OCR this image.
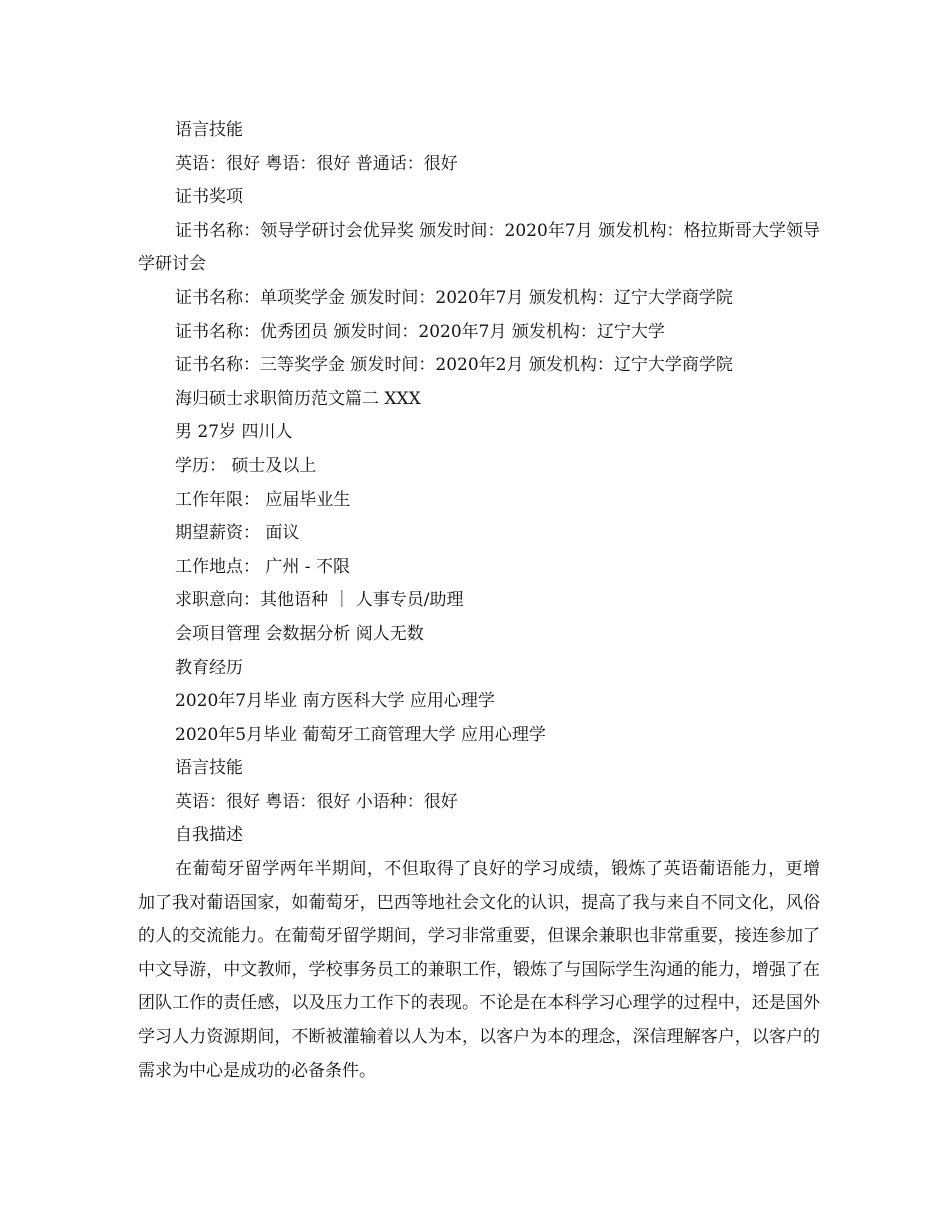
语言技能

英语：很好 粤语：很好 普通话：很好

证书奖项

证书名称：领导学研讨会优异奖 颁发时间：2020年7月 颁发机构：格拉斯哥大学领导学研讨会

证书名称：单项奖学金 颁发时间：2020年7月 颁发机构：辽宁大学商学院

证书名称：优秀团员 颁发时间：2020年7月 颁发机构：辽宁大学

证书名称：三等奖学金 颁发时间：2020年2月 颁发机构：辽宁大学商学院

海归硕士求职简历范文篇二 XXX

男 27岁 四川人

学历： 硕士及以上

工作年限： 应届毕业生

期望薪资： 面议

工作地点： 广州 - 不限

求职意向：其他语种 ｜ 人事专员/助理

会项目管理 会数据分析 阅人无数

教育经历

2020年7月毕业 南方医科大学 应用心理学

2020年5月毕业 葡萄牙工商管理大学 应用心理学

语言技能

英语：很好 粤语：很好 小语种：很好

自我描述

在葡萄牙留学两年半期间，不但取得了良好的学习成绩，锻炼了英语葡语能力，更增加了我对葡语国家，如葡萄牙，巴西等地社会文化的认识，提高了我与来自不同文化，风俗的人的交流能力。在葡萄牙留学期间，学习非常重要，但课余兼职也非常重要，接连参加了 中文导游，中文教师，学校事务员工的兼职工作，锻炼了与国际学生沟通的能力，增强了在团队工作的责任感，以及压力工作下的表现。不论是在本科学习心理学的过程中，还是国外学习人力资源期间，不断被灌输着以人为本，以客户为本的理念，深信理解客户，以客户的需求为中心是成功的必备条件。
